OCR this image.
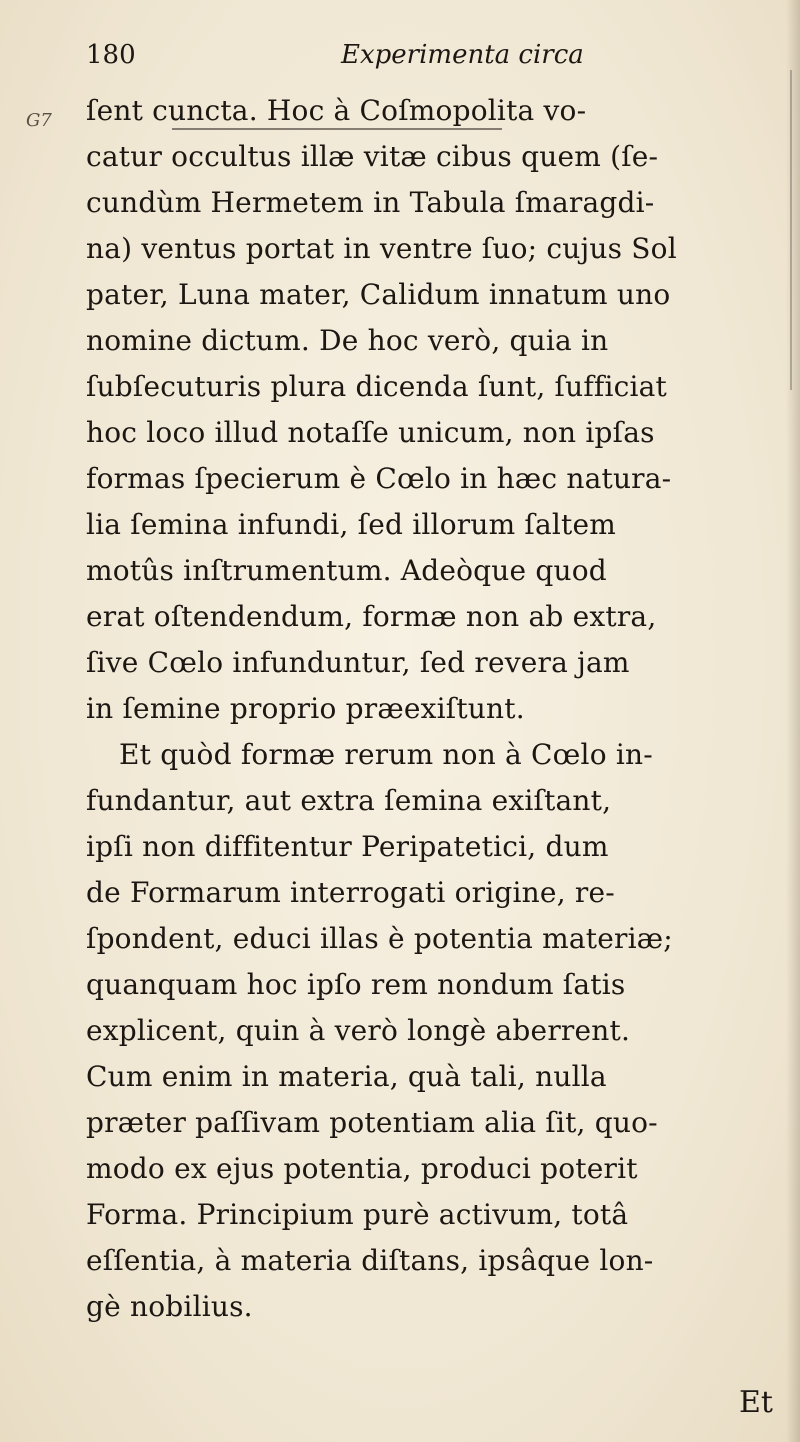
180	Experimenta circa
G7 ſent cuncta. Hoc à Coſmopolita vo-
catur occultus illæ vitæ cibus quem (ſe-
cundùm Hermetem in Tabula ſmaragdi-
na) ventus portat in ventre ſuo; cujus Sol
pater, Luna mater, Calidum innatum uno
nomine dictum. De hoc verò, quia in
ſubſecuturis plura dicenda ſunt, ſufficiat
hoc loco illud notaſſe unicum, non ipſas
formas ſpecierum è Cœlo in hæc natura-
lia ſemina infundi, ſed illorum ſaltem
motûs inſtrumentum. Adeòque quod
erat oſtendendum, formæ non ab extra,
ſive Cœlo infunduntur, ſed revera jam
in ſemine proprio præexiſtunt.
Et quòd formæ rerum non à Cœlo in-
fundantur, aut extra ſemina exiſtant,
ipſi non diffitentur Peripatetici, dum
de Formarum interrogati origine, re-
ſpondent, educi illas è potentia materiæ;
quanquam hoc ipſo rem nondum ſatis
explicent, quin à verò longè aberrent.
Cum enim in materia, quà tali, nulla
præter paſſivam potentiam alia ſit, quo-
modo ex ejus potentia, produci poterit
Forma. Principium purè activum, totâ
eſſentia, à materia diſtans, ipsâque lon-
gè nobilius.
Et
